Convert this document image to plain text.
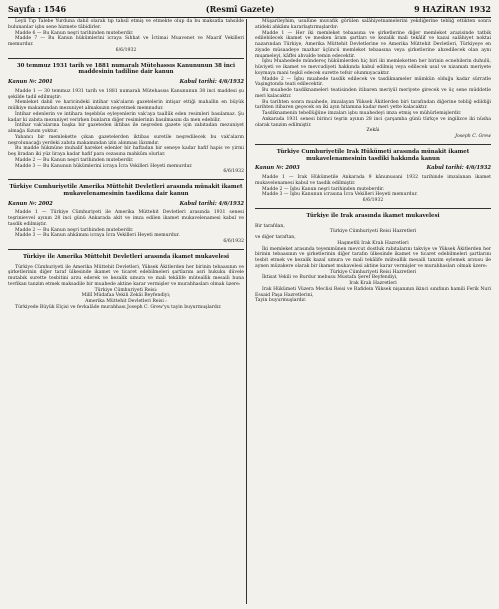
Sayıfa : 1546	(Resmî Gazete)	9 HAZİRAN 1932

Leyli Tıp Talebe Yurduna dahil olarak tıp tahsil etmiş ve etmekte olup da bu maksatla tahsilde bulunanlar işbu sene hizmete tâbidirler.

Madde 6 — Bu Kanun neşri tarihinden muteberdir.

Madde 7 — Bu Kanun hükümlerini icraya Sıhhat ve İctimai Muavenet ve Maarif Vekilleri memurdur.

6/6/1932

30 temmuz 1931 tarih ve 1881 numaralı Mütehassıs Kanununun 38 inci maddesinin tadiline dair kanun
Kanun №: 2001	Kabul tarihi: 4/6/1932

Madde 1 — 30 temmuz 1931 tarih ve 1881 numaralı Mütehassıs Kanununun 38 inci maddesi şu şekilde tadil edilmiştir:

Memleket dahil ve haricindeki intihar vak'aların gazetelerin intişar ettiği mahallin en büyük mülkiye makamından mezuniyet almaksızın neşretmek memnudur.

İntihar edenlerin ve intihara teşebbüs eyleyenlerin vak'aya taallûk eden resimleri basılamaz. Şu kadar ki zabıta mezuniyet verirken bunların diğer resimlerinin basılmasını da men edebilir.

İntihar vak'alarına başka bir gazeteden iktibas ile neşreden gazete için zabıtadan mezuniyet almağa lüzum yoktur.

Yabancı bir memlekette çıkan gazetelerden iktibas suretile neşredilecek bu vak'aların neşrolunacağı yerdeki zabıta makamından izin alınması lâzımdır.

Bu madde hükmüne muhalif hareket edenler bir haftadan bir seneye kadar hafif hapis ve yirmi beş liradan iki yüz liraya kadar hafif para cezasına mahkûm olurlar.

Madde 2 — Bu Kanun neşri tarihinden muteberdir.

Madde 3 — Bu Kanunun hükümlerini icraya İcra Vekilleri Heyeti memurdur.

6/6/1932

Türkiye Cumhuriyetile Amerika Müttehit Devletleri arasında münakit ikamet mukavelenamesinin tasdikına dair kanun
Kanun №: 2002	Kabul tarihi: 4/6/1932

Madde 1 — Türkiye Cümhuriyeti ile Amerika Müttehit Devletleri arasında 1931 senesi teşrinievvel ayının 28 inci günü Ankarada akit ve imza edilen ikamet mukavelenamesi kabul ve tasdik edilmiştir.

Madde 2 — Bu Kanun neşri tarihinden muteberdir.

Madde 3 — Bu Kanun ahkâmını icraya İcra Vekilleri Heyeti memurdur.

6/6/1932

Türkiye ile Amerika Müttehit Devletleri arasında ikamet mukavelesi

Türkiye Cümhuriyeti ile Amerika Müttehit Devletleri, Yüksek Âkitlerden her birinin tebaasının ve şirketlerinin diğer taraf ülkesinde ikamet ve ticaret edebilmeleri şartlarını asri hukuku düvele mutabık surette tesbitini arzu ederek ve kezalik umura ve mali tekâlife müteallik mesaili buna tevfikan tanzim etmek maksadile bir muahede aktine karar vermişler ve murahhasları olmak üzere:

Türkiye Cümhuriyeti Reisi:

Millî Müdafaa Vekili Zekâi Beyfendiyi;

Amerika Müttehit Devletleri Reisi :

Türkiyede Büyük Elçisi ve fevkalâde murahhası Joseph C. Grew'yu tayin buyurmuşlardır.

Müşarileyhim, usulüne muvafık görülen salâhiyetnamelerini yekdiğerine tebliğ ettikten sonra atideki ahkâmı kararlaştırmışlardır:

Madde 1 — Her iki memleket tebaasına ve şirketlerine diğer memleket arazisinde tatbik edilebilecek ikamet ve mesken âram şartları ve kezalik mali tekâlif ve kazai salâhiyet noktai nazarından Türkiye, Amerika Müttehit Devletlerine ve Amerika Müttehit Devletleri, Türkiyeye en ziyade müsaadeye mazhar üçüncü memleket tebaasına veya şirketlerine ahzedilecek olan aynı muameleyi, kâffei ahvalde temin edecektir.

İşbu Muahedede mündereç hükümlerden hiç biri iki memleketten her birinin ecnebilerin duhulü, hüviyeti ve ikamet ve mevcudiyeti hakkında kabul edilmiş veya edilecek usul ve nizamatı meriyete koymaya mani teşkil edecek surette tefsir olunmıyacaktır.

Madde 2 — İşbu muahede tasdik edilecek ve tasdiknameler mümkün olduğu kadar sürratle Vaşingtonda teati edilecektir.

Bu muahede tasdiknameleri teatisinden itibaren meriyül meriyete girecek ve üç sene müddetle meri kalacaktır.

Bu tarihten sonra muahede, imzalayan Yüksek Âkitlerden biri tarafından diğerine tebliğ edildiği tarihten itibaren geçecek on iki ayın hitamına kadar meri yette kalacaktır.

Tasdiknamenin tebellüğüne imzaları işbu muahedeyi imza etmiş ve mühürlemişlerdir.

Ankarada 1931 senesi birinci teşrin ayının 28 inci çarşamba günü türkçe ve ingilizce iki nüsha olarak tanzim edilmiştir.

Zekâi

Joseph C. Grew

Türkiye Cumhuriyetile Irak Hükümeti arasında münakit ikamet mukavelenamesinin tasdiki hakkında kanun
Kanun №: 2003	Kabul tarihi: 4/6/1932

Madde 1 — Irak Hükümetile Ankarada 9 kânunusani 1932 tarihinde imzalanan ikamet mukavelenamesi kabul ve tasdik edilmiştir.

Madde 2 — İşbu Kanun neşri tarihinden muteberdir.

Madde 3 — İşbu Kanunun icrasına İcra Vekilleri Heyeti memurdur.

6/6/1932

Türkiye ile Irak arasında ikamet mukavelesi

Bir tarafdan,

Türkiye Cümhuriyeti Reisi Hazretleri

ve diğer taraftan,

Haşmetlû Irak Kralı Hazretleri

İki memleket arasında teyemmünen mevcut dostluk rabıtalarını takviye ve Yüksek Âkitlerden her birinin tebaasının ve şirketlerinin diğer tarafın ülkesinde ikamet ve ticaret edebilmeleri şartlarını tesbit etmek ve kezalik kazaî umura ve mali tekâlife müteallik mesaili tanzim eylemek arzusu ile aynen müzakere olarak bir ikamet mukavelesi aktine karar vermişler ve murahhasları olmak üzere:

Türkiye Cümhuriyeti Reisi Hazretleri

İktisat Vekili ve Burdur mebusu Mustafa Şeref Beyfendiyi,

Irak Kralı Hazretleri

Irak Hükümeti Vüzera Meclisi Reisi ve Rafidein Yüksek nişanının ikinci sınıfının hamili Ferik Nuri Essaid Paşa Hazretlerini,

Tayin buyurmuşlardır.
